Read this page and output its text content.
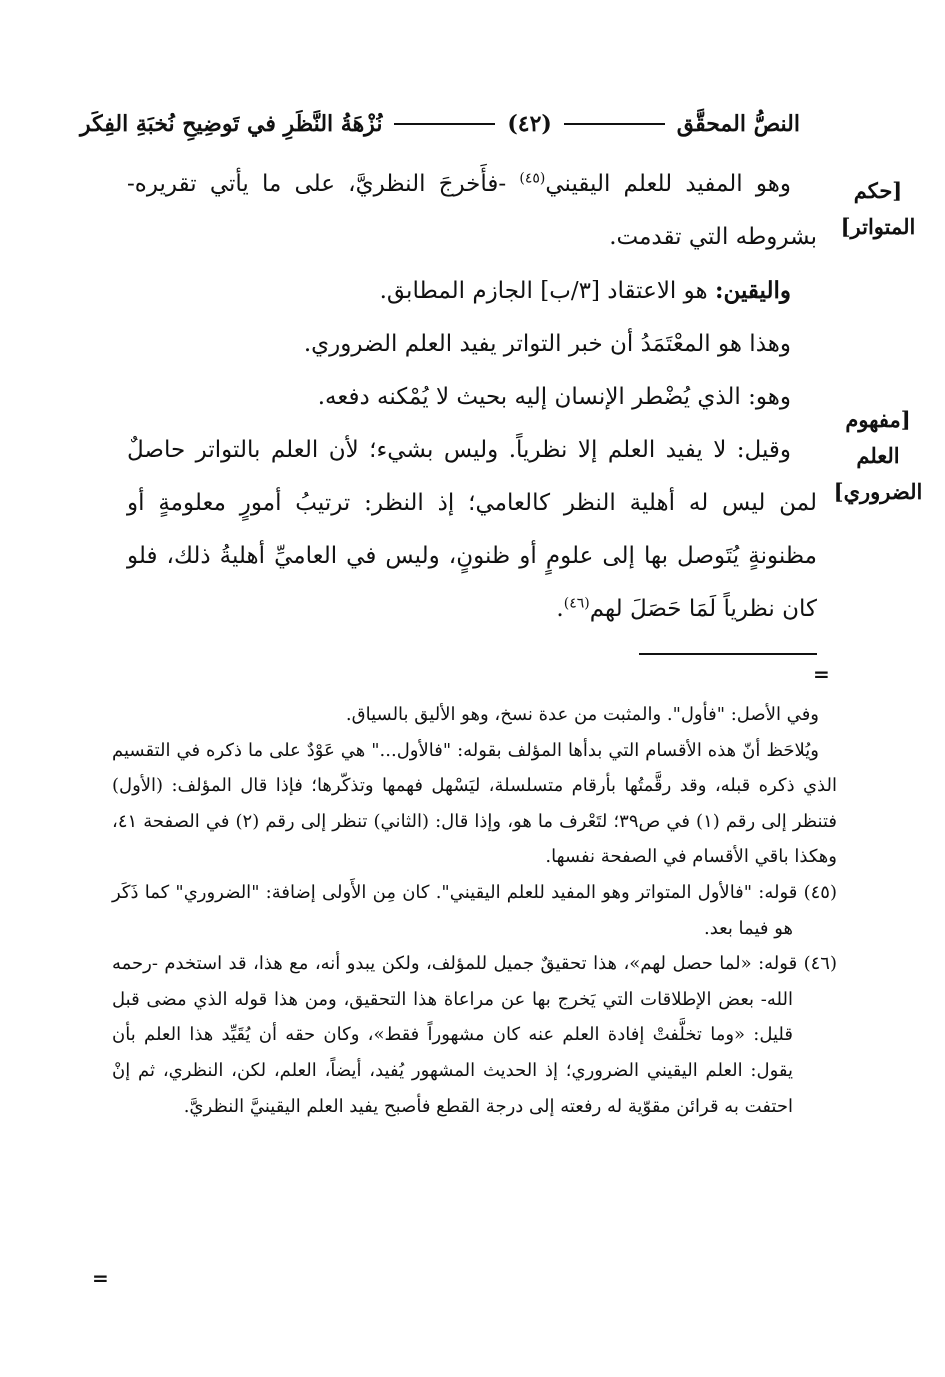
النصُّ المحقَّق
(٤٢)
نُزْهَةُ النَّظَرِ في تَوضِيحِ نُخبَةِ الفِكَر
[حكم
المتواتر]
[مفهوم
العلم
الضروري]

وهو المفيد للعلم اليقيني$^{(٤٥)}$ -فأَخرجَ النظريَّ، على ما يأتي تقريره- بشروطه التي تقدمت.

واليقين: هو الاعتقاد [٣/ب] الجازم المطابق.

وهذا هو المعْتَمَدُ أن خبر التواتر يفيد العلم الضروري.

وهو: الذي يُضْطر الإنسان إليه بحيث لا يُمْكنه دفعه.

وقيل: لا يفيد العلم إلا نظرياً. وليس بشيء؛ لأن العلم بالتواتر حاصلٌ لمن ليس له أهلية النظر كالعامي؛ إذ النظر: ترتيبُ أمورٍ معلومةٍ أو مظنونةٍ يُتَوصل بها إلى علومٍ أو ظنونٍ، وليس في العاميِّ أهليةُ ذلك، فلو كان نظرياً لَمَا حَصَلَ لهم$^{(٤٦)}$.

=

وفي الأصل: "فأول". والمثبت من عدة نسخ، وهو الأليق بالسياق.

ويُلاحَظ أنّ هذه الأقسام التي بدأها المؤلف بقوله: "فالأول..." هي عَوْدٌ على ما ذكره في التقسيم الذي ذكره قبله، وقد رقَّمتُها بأرقام متسلسلة، ليَسْهل فهمها وتذكّرها؛ فإذا قال المؤلف: (الأول) فتنظر إلى رقم (١) في ص٣٩؛ لتَعْرف ما هو، وإذا قال: (الثاني) تنظر إلى رقم (٢) في الصفحة ٤١، وهكذا باقي الأقسام في الصفحة نفسها.

(٤٥) قوله: "فالأول المتواتر وهو المفيد للعلم اليقيني". كان مِن الأَولى إضافة: "الضروري" كما ذَكَر هو فيما بعد.

(٤٦) قوله: «لما حصل لهم»، هذا تحقيقٌ جميل للمؤلف، ولكن يبدو أنه، مع هذا، قد استخدم -رحمه الله- بعض الإطلاقات التي يَخرج بها عن مراعاة هذا التحقيق، ومن هذا قوله الذي مضى قبل قليل: «وما تخلَّفتْ إفادة العلم عنه كان مشهوراً فقط»، وكان حقه أن يُقَيِّد هذا العلم بأن يقول: العلم اليقيني الضروري؛ إذ الحديث المشهور يُفيد، أيضاً، العلم، لكن، النظري، ثم إنْ احتفت به قرائن مقوّية له رفعته إلى درجة القطع فأصبح يفيد العلم اليقينيَّ النظريَّ.

=
